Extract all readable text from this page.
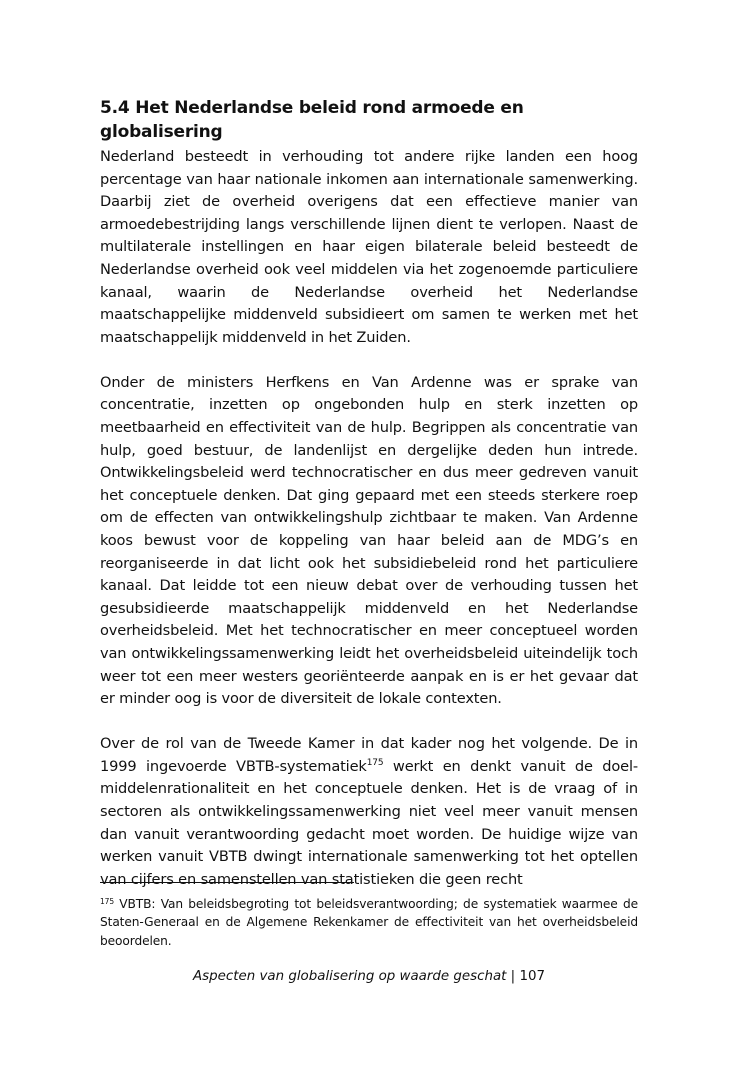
5.4 Het Nederlandse beleid rond armoede en globalisering

Nederland besteedt in verhouding tot andere rijke landen een hoog percentage van haar nationale inkomen aan internationale samenwerking. Daarbij ziet de overheid overigens dat een effectieve manier van armoedebestrijding langs verschillende lijnen dient te verlopen. Naast de multilaterale instellingen en haar eigen bilaterale beleid besteedt de Nederlandse overheid ook veel middelen via het zogenoemde particuliere kanaal, waarin de Nederlandse overheid het Nederlandse maatschappelijke middenveld subsidieert om samen te werken met het maatschappelijk middenveld in het Zuiden.

Onder de ministers Herfkens en Van Ardenne was er sprake van concentratie, inzetten op ongebonden hulp en sterk inzetten op meetbaarheid en effectiviteit van de hulp. Begrippen als concentratie van hulp, goed bestuur, de landenlijst en dergelijke deden hun intrede. Ontwikkelingsbeleid werd technocratischer en dus meer gedreven vanuit het conceptuele denken. Dat ging gepaard met een steeds sterkere roep om de effecten van ontwikkelingshulp zichtbaar te maken. Van Ardenne koos bewust voor de koppeling van haar beleid aan de MDG’s en reorganiseerde in dat licht ook het subsidiebeleid rond het particuliere kanaal. Dat leidde tot een nieuw debat over de verhouding tussen het gesubsidieerde maatschappelijk middenveld en het Nederlandse overheidsbeleid. Met het technocratischer en meer conceptueel worden van ontwikkelingssamenwerking leidt het overheidsbeleid uiteindelijk toch weer tot een meer westers georiënteerde aanpak en is er het gevaar dat er minder oog is voor de diversiteit de lokale contexten.

Over de rol van de Tweede Kamer in dat kader nog het volgende. De in 1999 ingevoerde VBTB-systematiek$^{175}$ werkt en denkt vanuit de doel-middelenrationaliteit en het conceptuele denken. Het is de vraag of in sectoren als ontwikkelingssamenwerking niet veel meer vanuit mensen dan vanuit verantwoording gedacht moet worden. De huidige wijze van werken vanuit VBTB dwingt internationale samenwerking tot het optellen van cijfers en samenstellen van statistieken die geen recht

$^{175}$ VBTB: Van beleidsbegroting tot beleidsverantwoording; de systematiek waarmee de Staten-Generaal en de Algemene Rekenkamer de effectiviteit van het overheidsbeleid beoordelen.
Aspecten van globalisering op waarde geschat | 107
